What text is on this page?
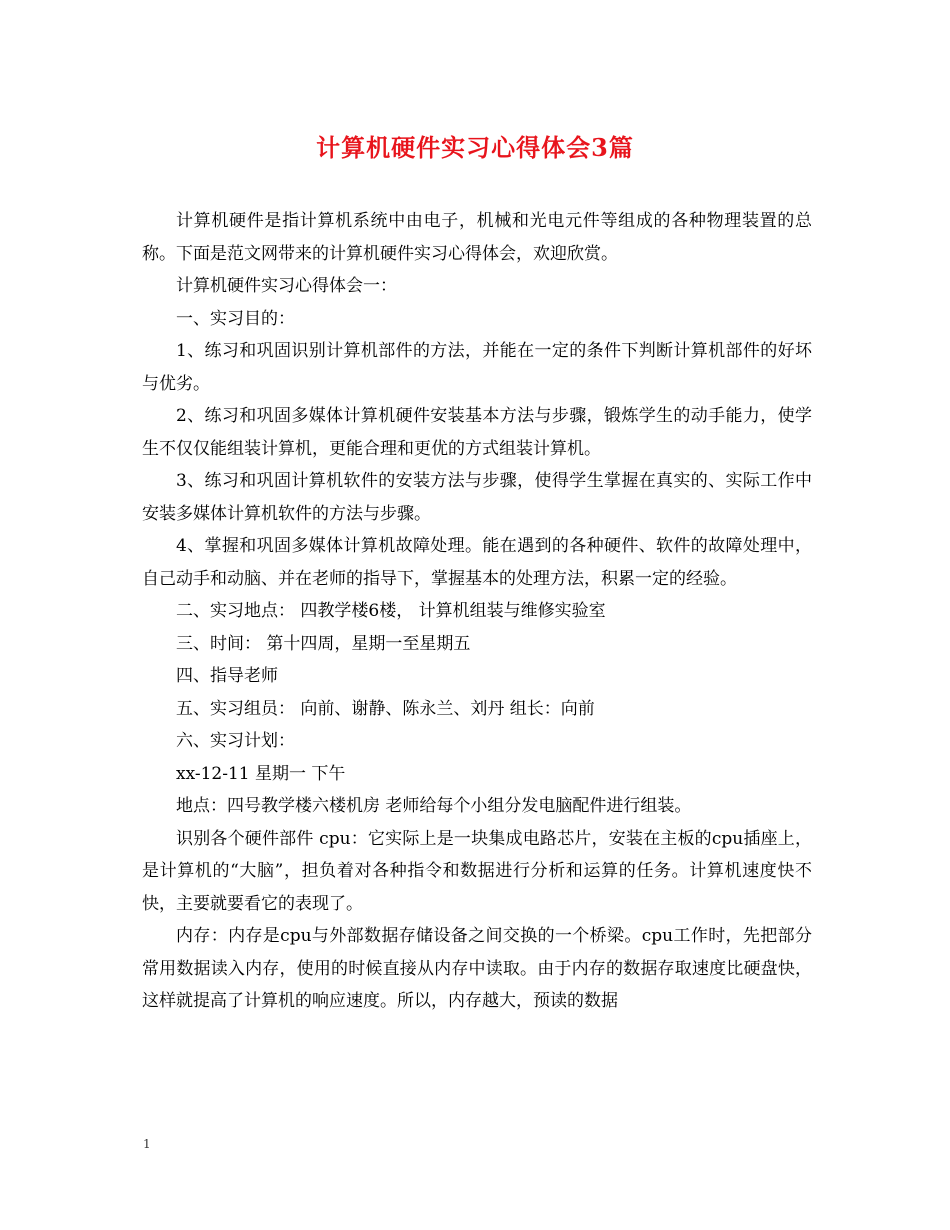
计算机硬件实习心得体会3篇

计算机硬件是指计算机系统中由电子，机械和光电元件等组成的各种物理装置的总称。下面是范文网带来的计算机硬件实习心得体会，欢迎欣赏。

计算机硬件实习心得体会一：

一、实习目的：

1、练习和巩固识别计算机部件的方法，并能在一定的条件下判断计算机部件的好坏与优劣。

2、练习和巩固多媒体计算机硬件安装基本方法与步骤，锻炼学生的动手能力，使学生不仅仅能组装计算机，更能合理和更优的方式组装计算机。

3、练习和巩固计算机软件的安装方法与步骤，使得学生掌握在真实的、实际工作中安装多媒体计算机软件的方法与步骤。

4、掌握和巩固多媒体计算机故障处理。能在遇到的各种硬件、软件的故障处理中，自己动手和动脑、并在老师的指导下，掌握基本的处理方法，积累一定的经验。

二、实习地点： 四教学楼6楼， 计算机组装与维修实验室

三、时间： 第十四周，星期一至星期五

四、指导老师

五、实习组员： 向前、谢静、陈永兰、刘丹 组长：向前

六、实习计划：

xx-12-11 星期一 下午

地点：四号教学楼六楼机房 老师给每个小组分发电脑配件进行组装。

识别各个硬件部件 cpu：它实际上是一块集成电路芯片，安装在主板的cpu插座上，是计算机的“大脑”，担负着对各种指令和数据进行分析和运算的任务。计算机速度快不快，主要就要看它的表现了。

内存：内存是cpu与外部数据存储设备之间交换的一个桥梁。cpu工作时，先把部分常用数据读入内存，使用的时候直接从内存中读取。由于内存的数据存取速度比硬盘快，这样就提高了计算机的响应速度。所以，内存越大，预读的数据

1
